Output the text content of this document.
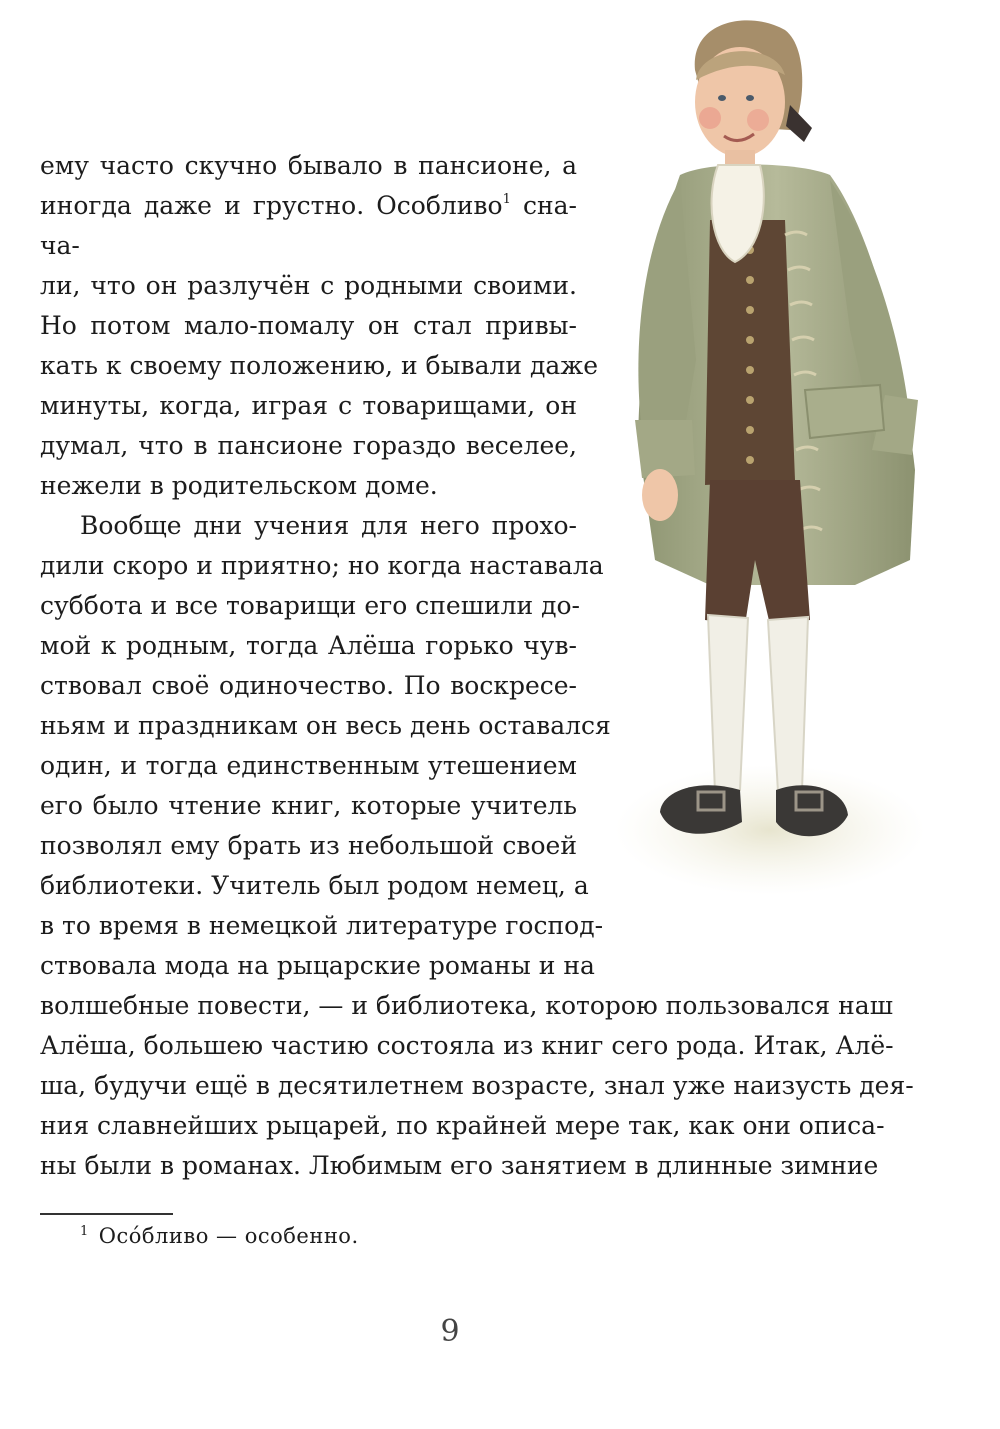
ему часто скучно бывало в пансионе, а
иногда даже и грустно. Особливо$^1$ сна-
ча-
ли, что он разлучён с родными своими.
Но потом мало-помалу он стал привы-
кать к своему положению, и бывали даже
минуты, когда, играя с товарищами, он
думал, что в пансионе гораздо веселее,
нежели в родительском доме.
Вообще дни учения для него прохо-
дили скоро и приятно; но когда наставала
суббота и все товарищи его спешили до-
мой к родным, тогда Алёша горько чув-
ствовал своё одиночество. По воскресе-
ньям и праздникам он весь день оставался
один, и тогда единственным утешением
его было чтение книг, которые учитель
позволял ему брать из небольшой своей
библиотеки. Учитель был родом немец, а
в то время в немецкой литературе господ-
ствовала мода на рыцарские романы и на
волшебные повести, — и библиотека, которою пользовался наш
Алёша, большею частию состояла из книг сего рода. Итак, Алё-
ша, будучи ещё в десятилетнем возрасте, знал уже наизусть дея-
ния славнейших рыцарей, по крайней мере так, как они описа-
ны были в романах. Любимым его занятием в длинные зимние
$^1$ Осо́бливо — особенно.
9
